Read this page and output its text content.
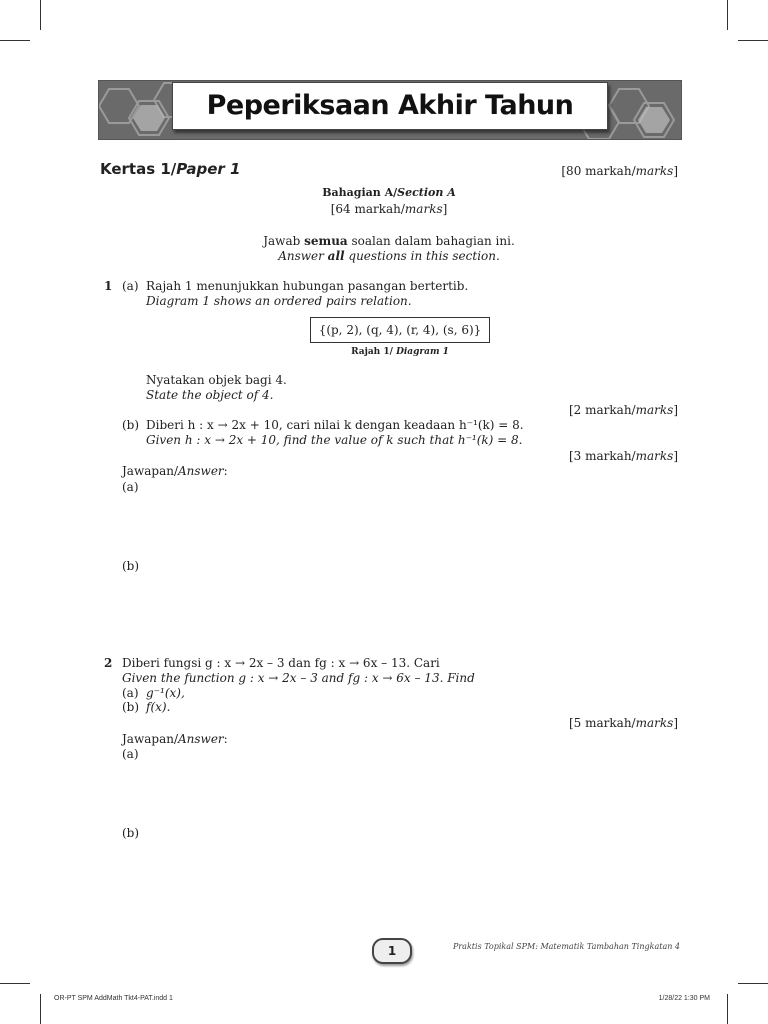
Peperiksaan Akhir Tahun
Kertas 1/Paper 1	[80 markah/marks]
Bahagian A/Section A
[64 markah/marks]
Jawab semua soalan dalam bahagian ini.
Answer all questions in this section.
1 (a) Rajah 1 menunjukkan hubungan pasangan bertertib.
Diagram 1 shows an ordered pairs relation.
{(p, 2), (q, 4), (r, 4), (s, 6)}
Rajah 1/ Diagram 1
Nyatakan objek bagi 4.
State the object of 4.
[2 markah/marks]
(b) Diberi h : x → 2x + 10, cari nilai k dengan keadaan h⁻¹(k) = 8.
Given h : x → 2x + 10, find the value of k such that h⁻¹(k) = 8.
[3 markah/marks]
Jawapan/Answer:
(a)
(b)
2 Diberi fungsi g : x → 2x – 3 dan fg : x → 6x – 13. Cari
Given the function g : x → 2x – 3 and fg : x → 6x – 13. Find
(a) g⁻¹(x),
(b) f(x).
[5 markah/marks]
Jawapan/Answer:
(a)
(b)
1	Praktis Topikal SPM: Matematik Tambahan Tingkatan 4
OR-PT SPM AddMath Tkt4-PAT.indd 1	1/28/22 1:30 PM
